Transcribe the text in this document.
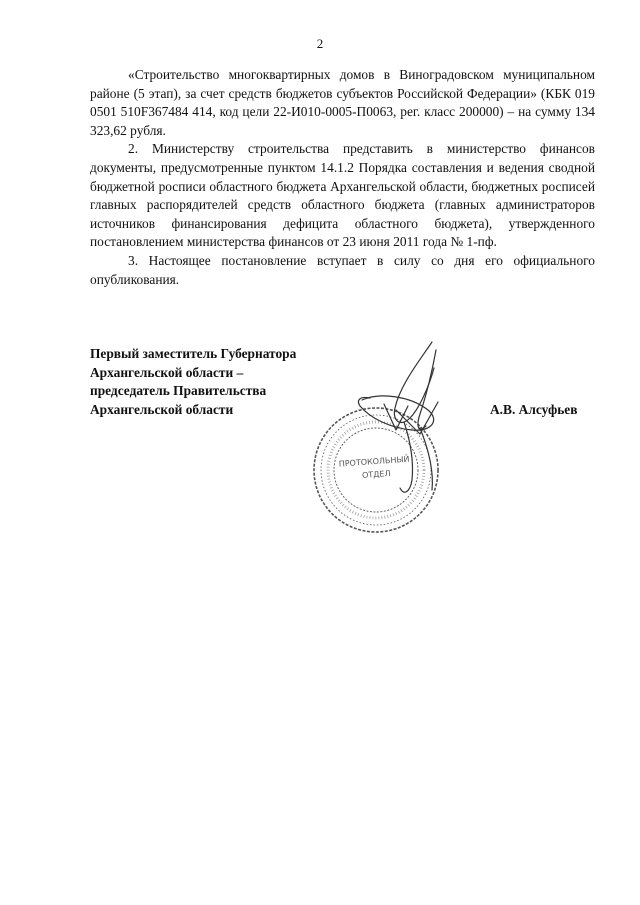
2

«Строительство многоквартирных домов в Виноградовском муниципальном районе (5 этап), за счет средств бюджетов субъектов Российской Федерации» (КБК 019 0501 510F367484 414, код цели 22-И010-0005-П0063, рег. класс 200000) – на сумму 134 323,62 рубля.

2. Министерству строительства представить в министерство финансов документы, предусмотренные пунктом 14.1.2 Порядка составления и ведения сводной бюджетной росписи областного бюджета Архангельской области, бюджетных росписей главных распорядителей средств областного бюджета (главных администраторов источников финансирования дефицита областного бюджета), утвержденного постановлением министерства финансов от 23 июня 2011 года № 1-пф.

3. Настоящее постановление вступает в силу со дня его официального опубликования.

Первый заместитель Губернатора
Архангельской области –
председатель Правительства
Архангельской области
ПРОТОКОЛЬНЫЙ ОТДЕЛ
А.В. Алсуфьев
